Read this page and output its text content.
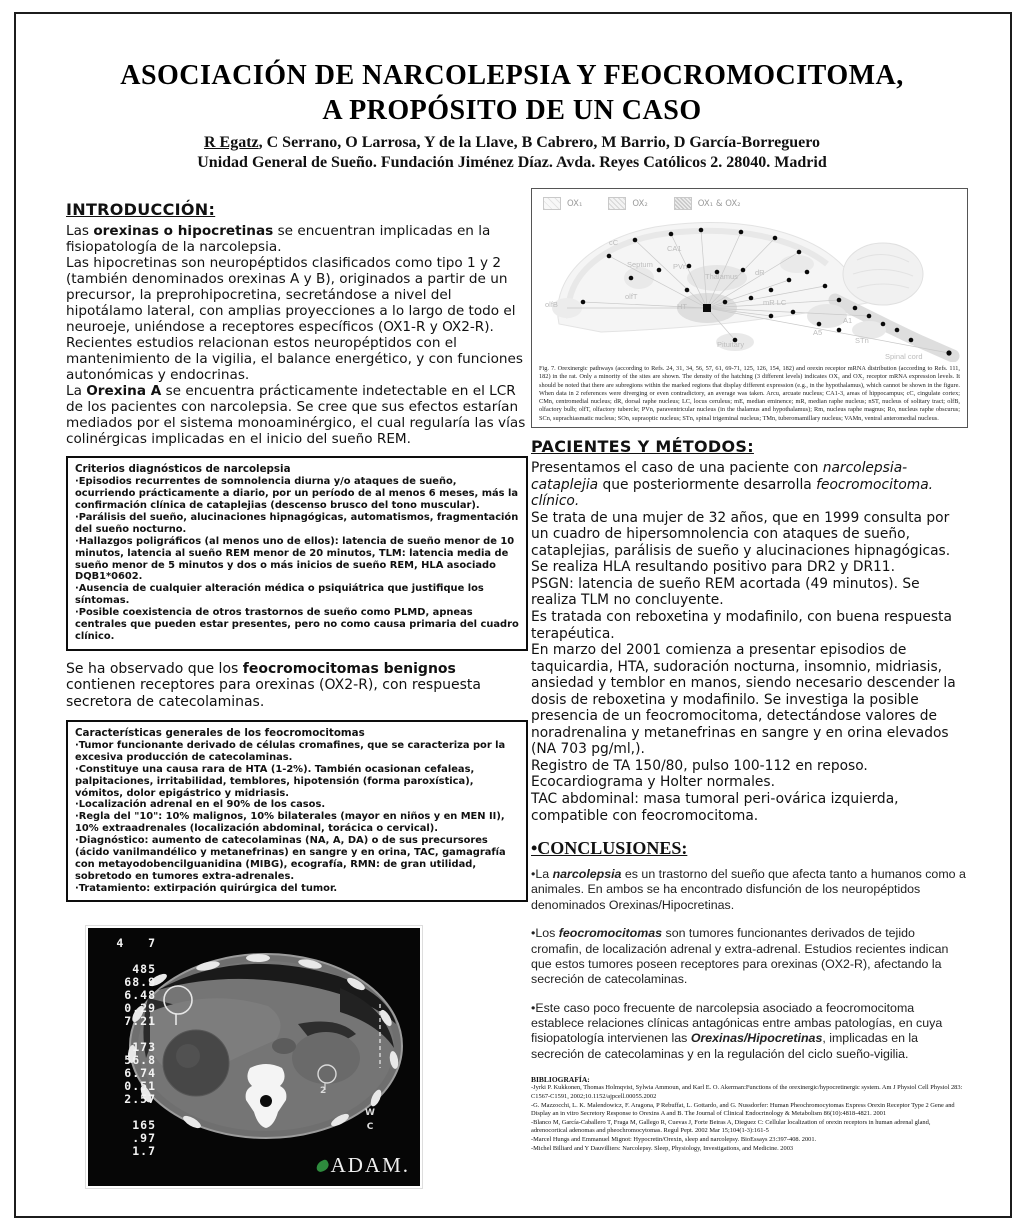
ASOCIACIÓN DE NARCOLEPSIA Y FEOCROMOCITOMA,
A PROPÓSITO DE UN CASO
R Egatz, C Serrano, O Larrosa, Y de la Llave, B Cabrero, M Barrio, D García-Borreguero
Unidad General de Sueño. Fundación Jiménez Díaz. Avda. Reyes Católicos 2. 28040. Madrid
INTRODUCCIÓN:
Las orexinas o hipocretinas se encuentran implicadas en la fisiopatología de la narcolepsia.
Las hipocretinas son neuropéptidos clasificados como tipo 1 y 2 (también denominados orexinas A y B), originados a partir de un precursor, la preprohipocretina, secretándose a nivel del hipotálamo lateral, con amplias proyecciones a lo largo de todo el neuroeje, uniéndose a receptores específicos (OX1-R y OX2-R).
Recientes estudios relacionan estos neuropéptidos con el mantenimiento de la vigilia, el balance energético, y con funciones autonómicas y endocrinas.
La Orexina A se encuentra prácticamente indetectable en el LCR de los pacientes con narcolepsia. Se cree que sus efectos estarían mediados por el sistema monoaminérgico, el cual regularía las vías colinérgicas implicadas en el inicio del sueño REM.
Criterios diagnósticos de narcolepsia
·Episodios recurrentes de somnolencia diurna y/o ataques de sueño, ocurriendo prácticamente a diario, por un período de al menos 6 meses, más la confirmación clínica de cataplejias (descenso brusco del tono muscular).
·Parálisis del sueño, alucinaciones hipnagógicas, automatismos, fragmentación del sueño nocturno.
·Hallazgos poligráficos (al menos uno de ellos): latencia de sueño menor de 10 minutos, latencia al sueño REM menor de 20 minutos, TLM: latencia media de sueño menor de 5 minutos y dos o más inicios de sueño REM, HLA asociado DQB1*0602.
·Ausencia de cualquier alteración médica o psiquiátrica que justifique los síntomas.
·Posible coexistencia de otros trastornos de sueño como PLMD, apneas centrales que pueden estar presentes, pero no como causa primaria del cuadro clínico.
Se ha observado que los feocromocitomas benignos contienen receptores para orexinas (OX2-R), con respuesta secretora de catecolaminas.
Características generales de los feocromocitomas
·Tumor funcionante derivado de células cromafines, que se caracteriza por la excesiva producción de catecolaminas.
·Constituye una causa rara de HTA (1-2%). También ocasionan cefaleas, palpitaciones, irritabilidad, temblores, hipotensión (forma paroxística), vómitos, dolor epigástrico y midriasis.
·Localización adrenal en el 90% de los casos.
·Regla del "10": 10% malignos, 10% bilaterales (mayor en niños y en MEN II), 10% extraadrenales (localización abdominal, torácica o cervical).
·Diagnóstico: aumento de catecolaminas (NA, A, DA) o de sus precursores (ácido vanilmandélico y metanefrinas) en sangre y en orina, TAC, gamagrafía con metayodobencilguanidina (MIBG), ecografía, RMN: de gran utilidad, sobretodo en tumores extra-adrenales.
·Tratamiento: extirpación quirúrgica del tumor.
4   7
485
68.9
6.48
0.29
7.21
173
56.8
6.74
0.51
2.57
165
.97
1.7
2
W C
ADAM.
OX₁	OX₂	OX₁ & OX₂
olfB
cC
Septum
CA1
Thalamus
PVn
olfT
HT
Pituitary
dR
mR LC
A5
A1
STn
Spinal cord
Fig. 7. Orexinergic pathways (according to Refs. 24, 31, 34, 56, 57, 61, 69-71, 125, 126, 154, 182) and orexin receptor mRNA distribution (according to Refs. 111, 182) in the rat. Only a minority of the sites are shown. The density of the hatching (3 different levels) indicates OX₁ and OX₂ receptor mRNA expression levels. It should be noted that there are subregions within the marked regions that display different expression (e.g., in the hypothalamus), which cannot be shown in the figure. When data in 2 references were diverging or even contradictory, an average was taken. Arcu, arcuate nucleus; CA1-3, areas of hippocampus; cC, cingulate cortex; CMn, centromedial nucleus; dR, dorsal raphe nucleus; LC, locus ceruleus; mE, median eminence; mR, median raphe nucleus; nST, nucleus of solitary tract; olfB, olfactory bulb; olfT, olfactory tubercle; PVn, paraventricular nucleus (in the thalamus and hypothalamus); Rm, nucleus raphe magnus; Ro, nucleus raphe obscurus; SCn, suprachiasmatic nucleus; SOn, supraoptic nucleus; STn, spinal trigeminal nucleus; TMn, tuberomamillary nucleus; VAMn, ventral anteromedial nucleus.
PACIENTES Y MÉTODOS:
Presentamos el caso de una paciente con narcolepsia-cataplejia que posteriormente desarrolla feocromocitoma. clínico.
Se trata de una mujer de 32 años, que en 1999 consulta por un cuadro de hipersomnolencia con ataques de sueño, cataplejias, parálisis de sueño y alucinaciones hipnagógicas.
Se realiza HLA resultando positivo para DR2 y DR11.
PSGN: latencia de sueño REM acortada (49 minutos). Se realiza TLM no concluyente.
Es tratada con reboxetina y modafinilo, con buena respuesta terapéutica.
En marzo del 2001 comienza a presentar episodios de taquicardia, HTA, sudoración nocturna, insomnio, midriasis, ansiedad y temblor en manos, siendo necesario descender la dosis de reboxetina y modafinilo. Se investiga la posible presencia de un feocromocitoma, detectándose valores de noradrenalina y metanefrinas en sangre y en orina elevados (NA 703 pg/ml,).
Registro de TA 150/80, pulso 100-112 en reposo.
Ecocardiograma y Holter normales.
TAC abdominal: masa tumoral peri-ovárica izquierda, compatible con feocromocitoma.
•CONCLUSIONES:
•La narcolepsia es un trastorno del sueño que afecta tanto a humanos como a animales. En ambos se ha encontrado disfunción de los neuropéptidos denominados Orexinas/Hipocretinas.
•Los feocromocitomas son tumores funcionantes derivados de tejido cromafin, de localización adrenal y extra-adrenal. Estudios recientes indican que estos tumores poseen receptores para orexinas (OX2-R), afectando la secreción de catecolaminas.
•Este caso poco frecuente de narcolepsia asociado a feocromocitoma establece relaciones clínicas antagónicas entre ambas patologías, en cuya fisiopatología intervienen las Orexinas/Hipocretinas, implicadas en la secreción de catecolaminas y en la regulación del ciclo sueño-vigilia.
BIBLIOGRAFÍA:
-Jyrki P. Kukkonen, Thomas Holmqvist, Sylwia Ammoun, and Karl E. O. Akerman:Functions of the orexinergic/hypocretinergic system. Am J Physiol Cell Physiol 283: C1567-C1591, 2002;10.1152/ajpcell.00055.2002
-G. Mazzocchi, L. K. Malendowicz, F. Aragona, P Rebuffat, L. Gottardo, and G. Nussdorfer: Human Pheochromocytomas Express Orexin Receptor Type 2 Gene and Display an in vitro Secretory Response to Orexins A and B. The Journal of Clinical Endocrinology & Metabolism 86(10):4818-4821. 2001
-Blanco M, García-Caballero T, Fraga M, Gallego R, Cuevas J, Forte Beiras A, Dieguez C: Cellular localization of orexin receptors in human adrenal gland, adrenocortical adenomas and pheochromocytomas. Regul Pept. 2002 Mar 15;104(1-3):161-5
-Marcel Hungs and Emmanuel Mignot: Hypocretin/Orexin, sleep and narcolepsy. BioEssays 23:397-408. 2001.
-Michel Billiard and Y Dauvilliers: Narcolepsy. Sleep, Physiology, Investigations, and Medicine. 2003
